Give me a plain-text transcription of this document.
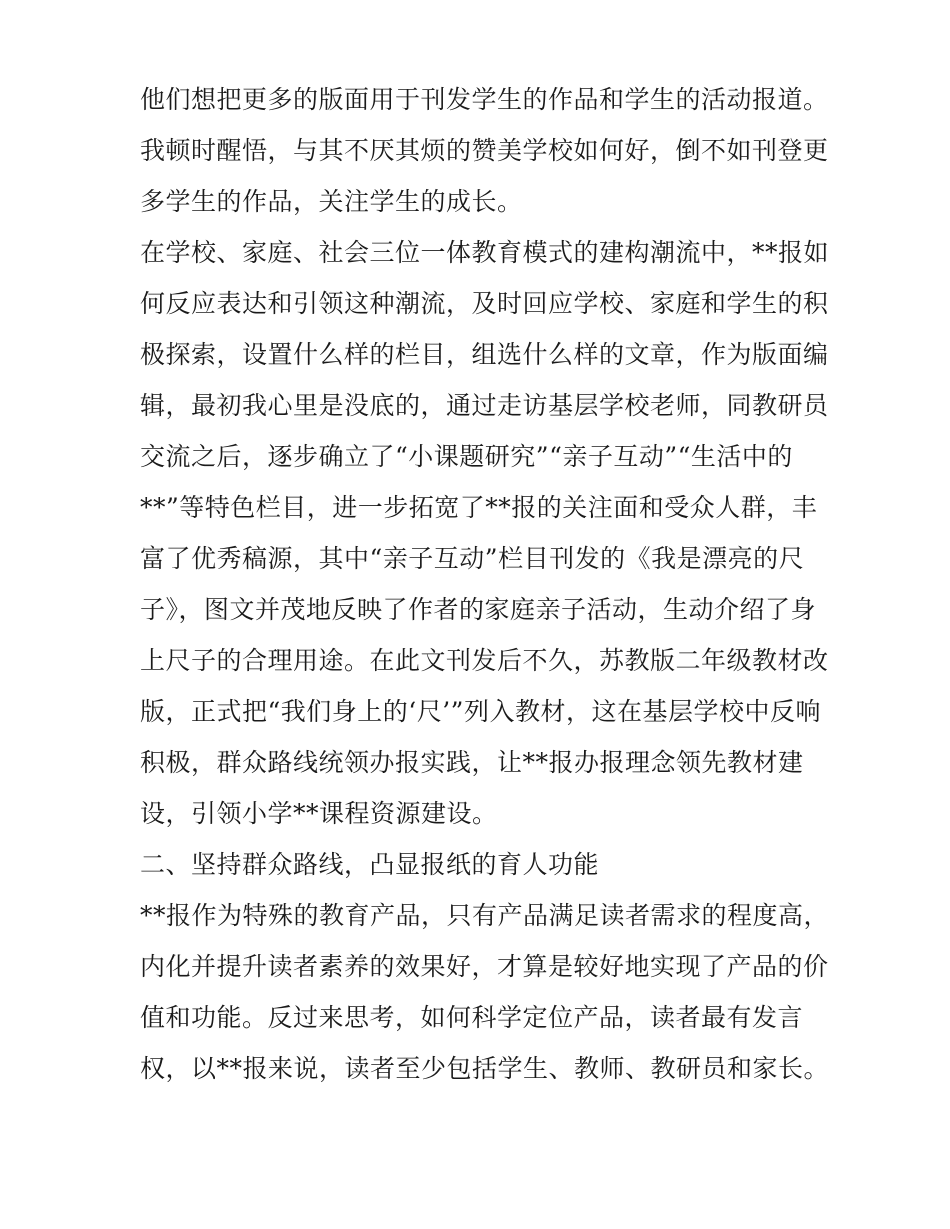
他们想把更多的版面用于刊发学生的作品和学生的活动报道。
我顿时醒悟，与其不厌其烦的赞美学校如何好，倒不如刊登更
多学生的作品，关注学生的成长。
在学校、家庭、社会三位一体教育模式的建构潮流中，**报如
何反应表达和引领这种潮流，及时回应学校、家庭和学生的积
极探索，设置什么样的栏目，组选什么样的文章，作为版面编
辑，最初我心里是没底的，通过走访基层学校老师，同教研员
交流之后，逐步确立了“小课题研究”“亲子互动”“生活中的
**”等特色栏目，进一步拓宽了**报的关注面和受众人群，丰
富了优秀稿源，其中“亲子互动”栏目刊发的《我是漂亮的尺
子》，图文并茂地反映了作者的家庭亲子活动，生动介绍了身
上尺子的合理用途。在此文刊发后不久，苏教版二年级教材改
版，正式把“我们身上的‘尺’”列入教材，这在基层学校中反响
积极，群众路线统领办报实践，让**报办报理念领先教材建
设，引领小学**课程资源建设。
二、坚持群众路线，凸显报纸的育人功能
**报作为特殊的教育产品，只有产品满足读者需求的程度高，
内化并提升读者素养的效果好，才算是较好地实现了产品的价
值和功能。反过来思考，如何科学定位产品，读者最有发言
权，以**报来说，读者至少包括学生、教师、教研员和家长。
